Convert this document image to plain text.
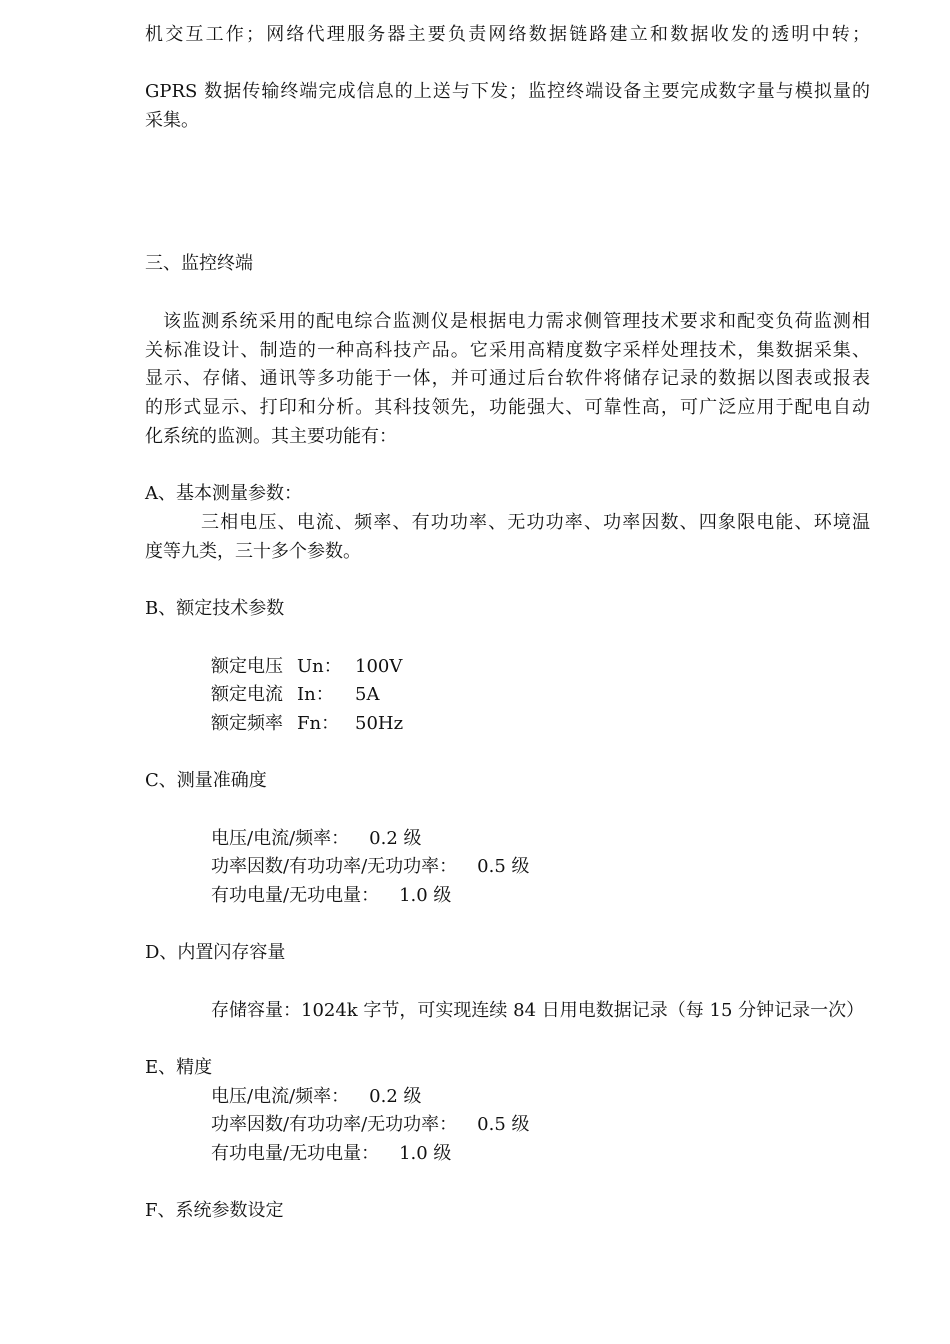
机交互工作；网络代理服务器主要负责网络数据链路建立和数据收发的透明中转；
GPRS 数据传输终端完成信息的上送与下发；监控终端设备主要完成数字量与模拟量的
采集。
三、监控终端
该监测系统采用的配电综合监测仪是根据电力需求侧管理技术要求和配变负荷监测相
关标准设计、制造的一种高科技产品。它采用高精度数字采样处理技术，集数据采集、
显示、存储、通讯等多功能于一体，并可通过后台软件将储存记录的数据以图表或报表
的形式显示、打印和分析。其科技领先，功能强大、可靠性高，可广泛应用于配电自动
化系统的监测。其主要功能有：
A、基本测量参数：
三相电压、电流、频率、有功功率、无功功率、功率因数、四象限电能、环境温
度等九类，三十多个参数。
B、额定技术参数
额定电压 Un： 100V
额定电流 In： 5A
额定频率 Fn： 50Hz
C、测量准确度
电压/电流/频率： 0.2 级
功率因数/有功功率/无功功率： 0.5 级
有功电量/无功电量： 1.0 级
D、内置闪存容量
存储容量：1024k 字节，可实现连续 84 日用电数据记录（每 15 分钟记录一次）
E、精度
电压/电流/频率： 0.2 级
功率因数/有功功率/无功功率： 0.5 级
有功电量/无功电量： 1.0 级
F、系统参数设定
